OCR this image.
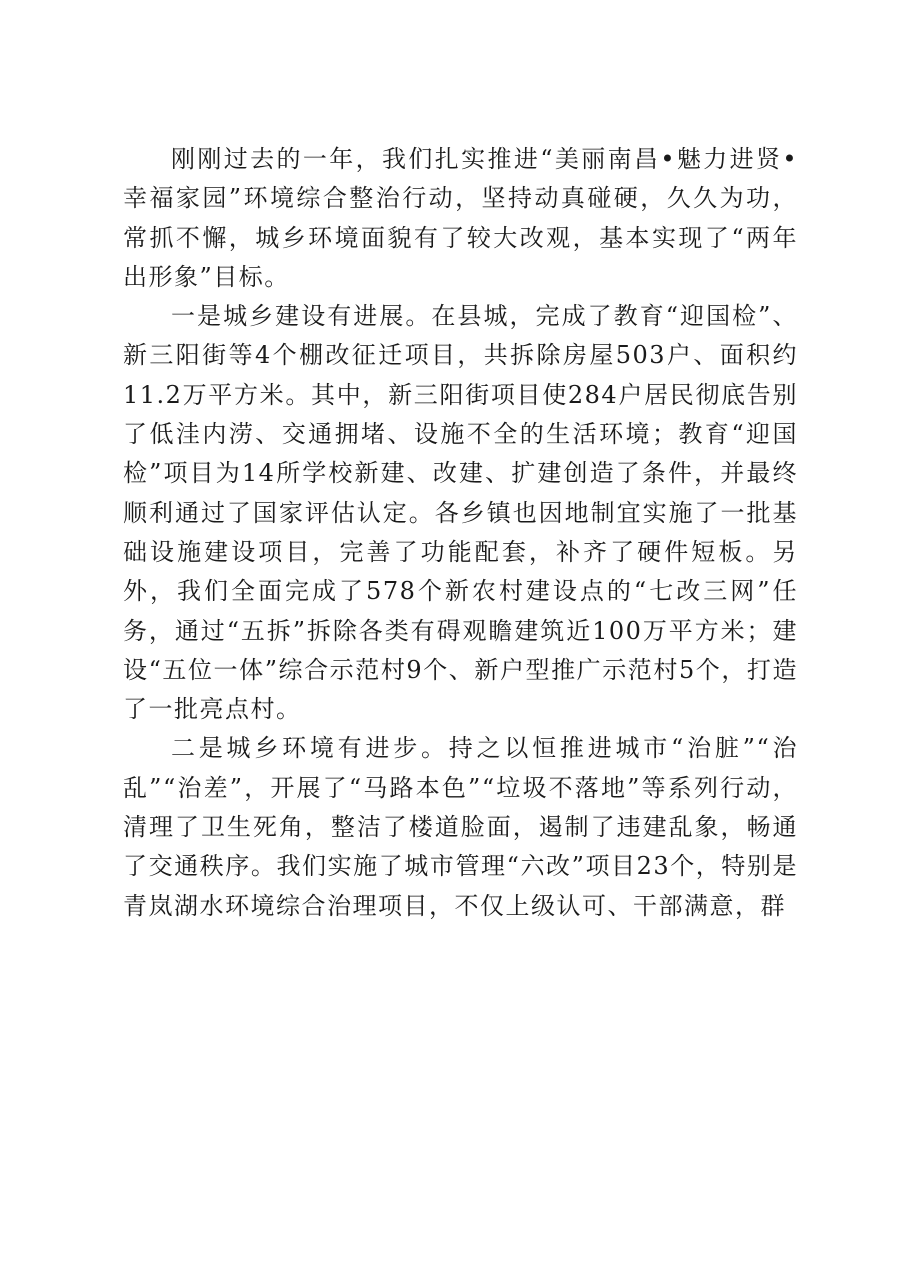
刚刚过去的一年，我们扎实推进“美丽南昌•魅力进贤•幸福家园”环境综合整治行动，坚持动真碰硬，久久为功，常抓不懈，城乡环境面貌有了较大改观，基本实现了“两年出形象”目标。

一是城乡建设有进展。在县城，完成了教育“迎国检”、新三阳街等4个棚改征迁项目，共拆除房屋503户、面积约11.2万平方米。其中，新三阳街项目使284户居民彻底告别了低洼内涝、交通拥堵、设施不全的生活环境；教育“迎国检”项目为14所学校新建、改建、扩建创造了条件，并最终顺利通过了国家评估认定。各乡镇也因地制宜实施了一批基础设施建设项目，完善了功能配套，补齐了硬件短板。另外，我们全面完成了578个新农村建设点的“七改三网”任务，通过“五拆”拆除各类有碍观瞻建筑近100万平方米；建设“五位一体”综合示范村9个、新户型推广示范村5个，打造了一批亮点村。

二是城乡环境有进步。持之以恒推进城市“治脏”“治乱”“治差”，开展了“马路本色”“垃圾不落地”等系列行动，清理了卫生死角，整洁了楼道脸面，遏制了违建乱象，畅通了交通秩序。我们实施了城市管理“六改”项目23个，特别是青岚湖水环境综合治理项目，不仅上级认可、干部满意，群
